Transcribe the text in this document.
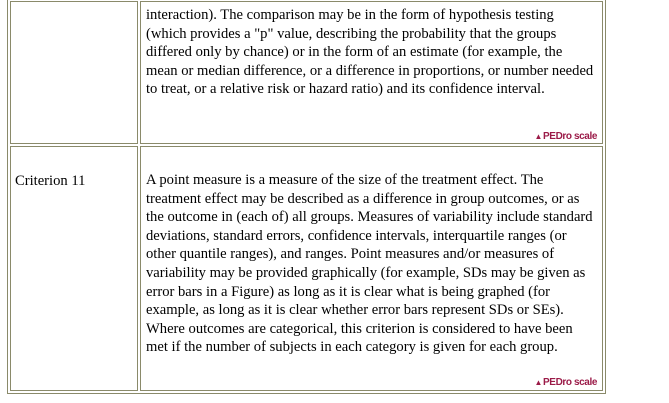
	interaction). The comparison may be in the form of hypothesis testing (which provides a "p" value, describing the probability that the groups differed only by chance) or in the form of an estimate (for example, the mean or median difference, or a difference in proportions, or number needed to treat, or a relative risk or hazard ratio) and its confidence interval.

▲PEDro scale

Criterion 11	A point measure is a measure of the size of the treatment effect. The treatment effect may be described as a difference in group outcomes, or as the outcome in (each of) all groups. Measures of variability include standard deviations, standard errors, confidence intervals, interquartile ranges (or other quantile ranges), and ranges. Point measures and/or measures of variability may be provided graphically (for example, SDs may be given as error bars in a Figure) as long as it is clear what is being graphed (for example, as long as it is clear whether error bars represent SDs or SEs). Where outcomes are categorical, this criterion is considered to have been met if the number of subjects in each category is given for each group.

▲PEDro scale
